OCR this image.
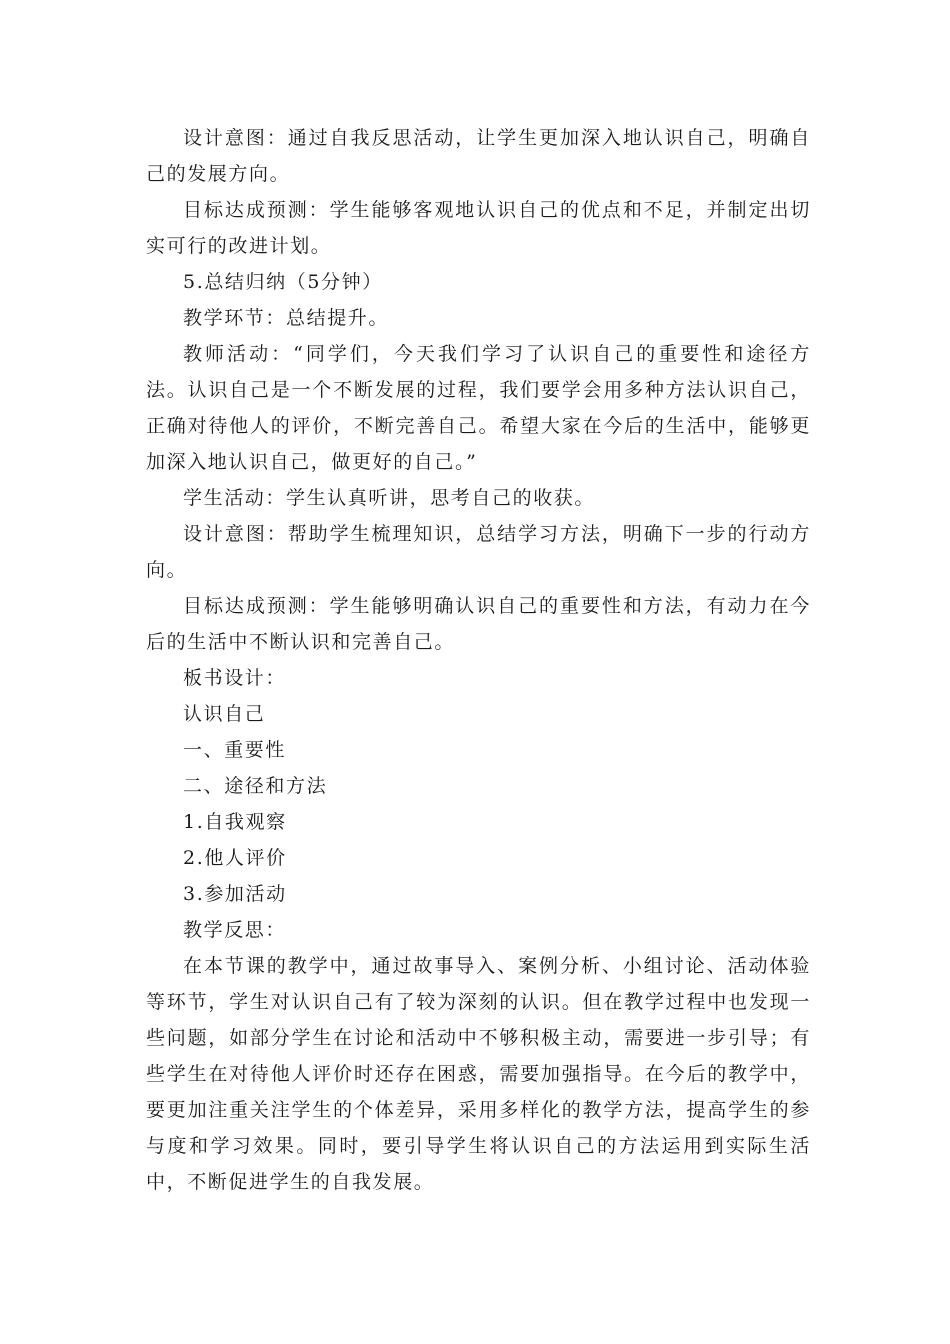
设计意图：通过自我反思活动，让学生更加深入地认识自己，明确自己的发展方向。

目标达成预测：学生能够客观地认识自己的优点和不足，并制定出切实可行的改进计划。

5.总结归纳（5分钟）

教学环节：总结提升。

教师活动：“同学们，今天我们学习了认识自己的重要性和途径方法。认识自己是一个不断发展的过程，我们要学会用多种方法认识自己，正确对待他人的评价，不断完善自己。希望大家在今后的生活中，能够更加深入地认识自己，做更好的自己。”

学生活动：学生认真听讲，思考自己的收获。

设计意图：帮助学生梳理知识，总结学习方法，明确下一步的行动方向。

目标达成预测：学生能够明确认识自己的重要性和方法，有动力在今后的生活中不断认识和完善自己。

板书设计：

认识自己

一、重要性

二、途径和方法

1.自我观察

2.他人评价

3.参加活动

教学反思：

在本节课的教学中，通过故事导入、案例分析、小组讨论、活动体验等环节，学生对认识自己有了较为深刻的认识。但在教学过程中也发现一些问题，如部分学生在讨论和活动中不够积极主动，需要进一步引导；有些学生在对待他人评价时还存在困惑，需要加强指导。在今后的教学中，要更加注重关注学生的个体差异，采用多样化的教学方法，提高学生的参与度和学习效果。同时，要引导学生将认识自己的方法运用到实际生活中，不断促进学生的自我发展。
